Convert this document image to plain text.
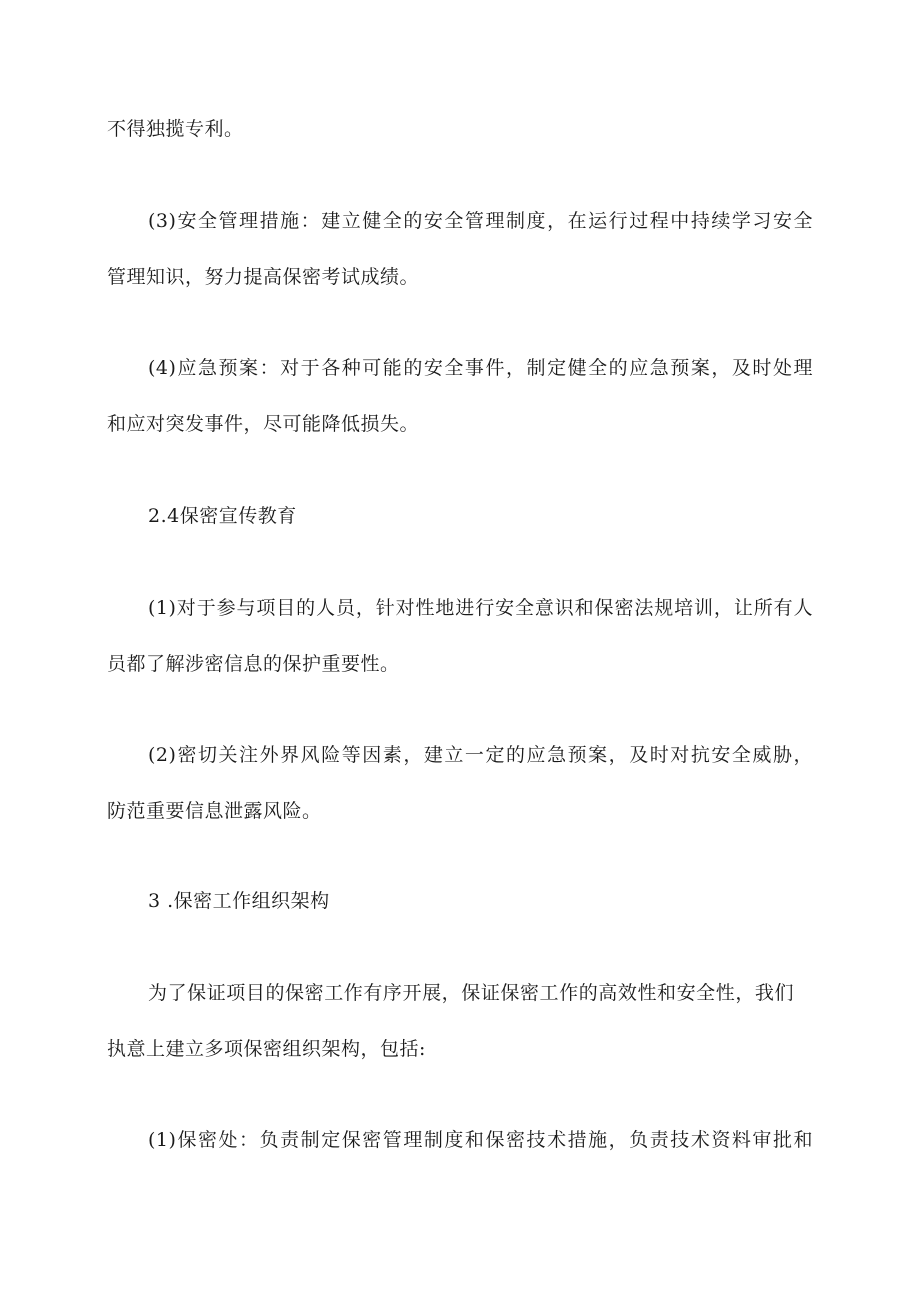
不得独揽专利。
(3)安全管理措施：建立健全的安全管理制度，在运行过程中持续学习安全
管理知识，努力提高保密考试成绩。
(4)应急预案：对于各种可能的安全事件，制定健全的应急预案，及时处理
和应对突发事件，尽可能降低损失。
2.4保密宣传教育
(1)对于参与项目的人员，针对性地进行安全意识和保密法规培训，让所有人
员都了解涉密信息的保护重要性。
(2)密切关注外界风险等因素，建立一定的应急预案，及时对抗安全威胁，
防范重要信息泄露风险。
3 .保密工作组织架构
为了保证项目的保密工作有序开展，保证保密工作的高效性和安全性，我们
执意上建立多项保密组织架构，包括:
(1)保密处：负责制定保密管理制度和保密技术措施，负责技术资料审批和
